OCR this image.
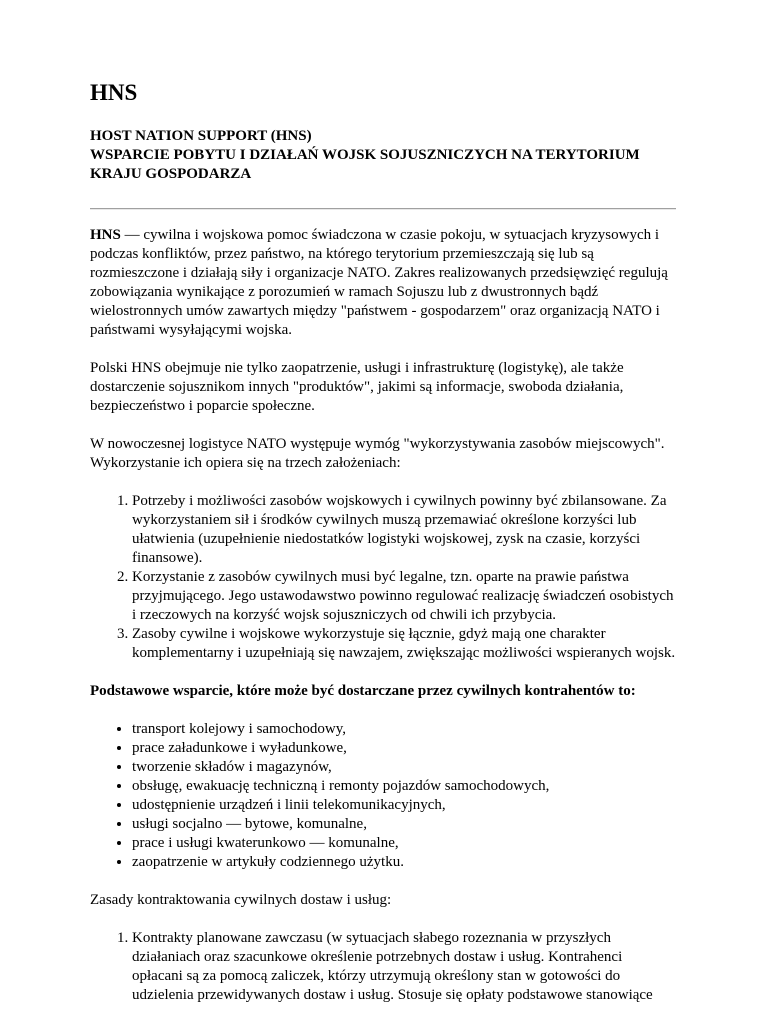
HNS
HOST NATION SUPPORT (HNS)
WSPARCIE POBYTU I DZIAŁAŃ WOJSK SOJUSZNICZYCH NA TERYTORIUM KRAJU GOSPODARZA

HNS — cywilna i wojskowa pomoc świadczona w czasie pokoju, w sytuacjach kryzysowych i podczas konfliktów, przez państwo, na którego terytorium przemieszczają się lub są rozmieszczone i działają siły i organizacje NATO. Zakres realizowanych przedsięwzięć regulują zobowiązania wynikające z porozumień w ramach Sojuszu lub z dwustronnych bądź wielostronnych umów zawartych między "państwem - gospodarzem" oraz organizacją NATO i państwami wysyłającymi wojska.

Polski HNS obejmuje nie tylko zaopatrzenie, usługi i infrastrukturę (logistykę), ale także dostarczenie sojusznikom innych "produktów", jakimi są informacje, swoboda działania, bezpieczeństwo i poparcie społeczne.

W nowoczesnej logistyce NATO występuje wymóg "wykorzystywania zasobów miejscowych". Wykorzystanie ich opiera się na trzech założeniach:

1. Potrzeby i możliwości zasobów wojskowych i cywilnych powinny być zbilansowane. Za wykorzystaniem sił i środków cywilnych muszą przemawiać określone korzyści lub ułatwienia (uzupełnienie niedostatków logistyki wojskowej, zysk na czasie, korzyści finansowe).
2. Korzystanie z zasobów cywilnych musi być legalne, tzn. oparte na prawie państwa przyjmującego. Jego ustawodawstwo powinno regulować realizację świadczeń osobistych i rzeczowych na korzyść wojsk sojuszniczych od chwili ich przybycia.
3. Zasoby cywilne i wojskowe wykorzystuje się łącznie, gdyż mają one charakter komplementarny i uzupełniają się nawzajem, zwiększając możliwości wspieranych wojsk.

Podstawowe wsparcie, które może być dostarczane przez cywilnych kontrahentów to:

• transport kolejowy i samochodowy,
• prace załadunkowe i wyładunkowe,
• tworzenie składów i magazynów,
• obsługę, ewakuację techniczną i remonty pojazdów samochodowych,
• udostępnienie urządzeń i linii telekomunikacyjnych,
• usługi socjalno — bytowe, komunalne,
• prace i usługi kwaterunkowo — komunalne,
• zaopatrzenie w artykuły codziennego użytku.

Zasady kontraktowania cywilnych dostaw i usług:

1. Kontrakty planowane zawczasu (w sytuacjach słabego rozeznania w przyszłych działaniach oraz szacunkowe określenie potrzebnych dostaw i usług. Kontrahenci opłacani są za pomocą zaliczek, którzy utrzymują określony stan w gotowości do udzielenia przewidywanych dostaw i usług. Stosuje się opłaty podstawowe stanowiące
